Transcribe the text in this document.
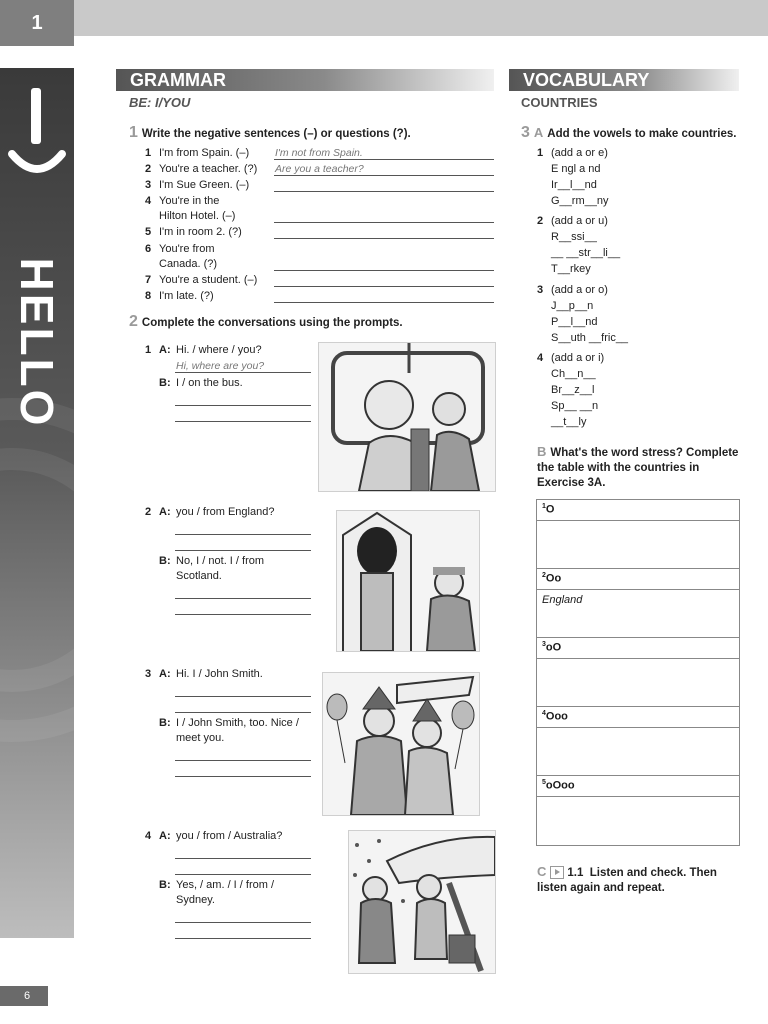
1
HELLO
6
GRAMMAR
BE: I/YOU
1 Write the negative sentences (–) or questions (?).
1 I'm from Spain. (–) I'm not from Spain.
2 You're a teacher. (?) Are you a teacher?
3 I'm Sue Green. (–)
4 You're in the
Hilton Hotel. (–)
5 I'm in room 2. (?)
6 You're from
Canada. (?)
7 You're a student. (–)
8 I'm late. (?)
2 Complete the conversations using the prompts.
1 A: Hi. / where / you?
Hi, where are you?
B: I / on the bus.
2 A: you / from England?
B: No, I / not. I / from
Scotland.
3 A: Hi. I / John Smith.
B: I / John Smith, too. Nice /
meet you.
4 A: you / from / Australia?
B: Yes, / am. / I / from /
Sydney.
VOCABULARY
COUNTRIES
3 A Add the vowels to make countries.
1 (add a or e)
E ngl a nd
Ir__l__nd
G__rm__ny
2 (add a or u)
R__ssi__
__ __str__li__
T__rkey
3 (add a or o)
J__p__n
P__l__nd
S__uth __fric__
4 (add a or i)
Ch__n__
Br__z__l
Sp__ __n
__t__ly
B What's the word stress? Complete the table with the countries in Exercise 3A.
$^1$O
$^2$Oo
England
$^3$oO
$^4$Ooo
$^5$oOoo
C 1.1 Listen and check. Then listen again and repeat.
